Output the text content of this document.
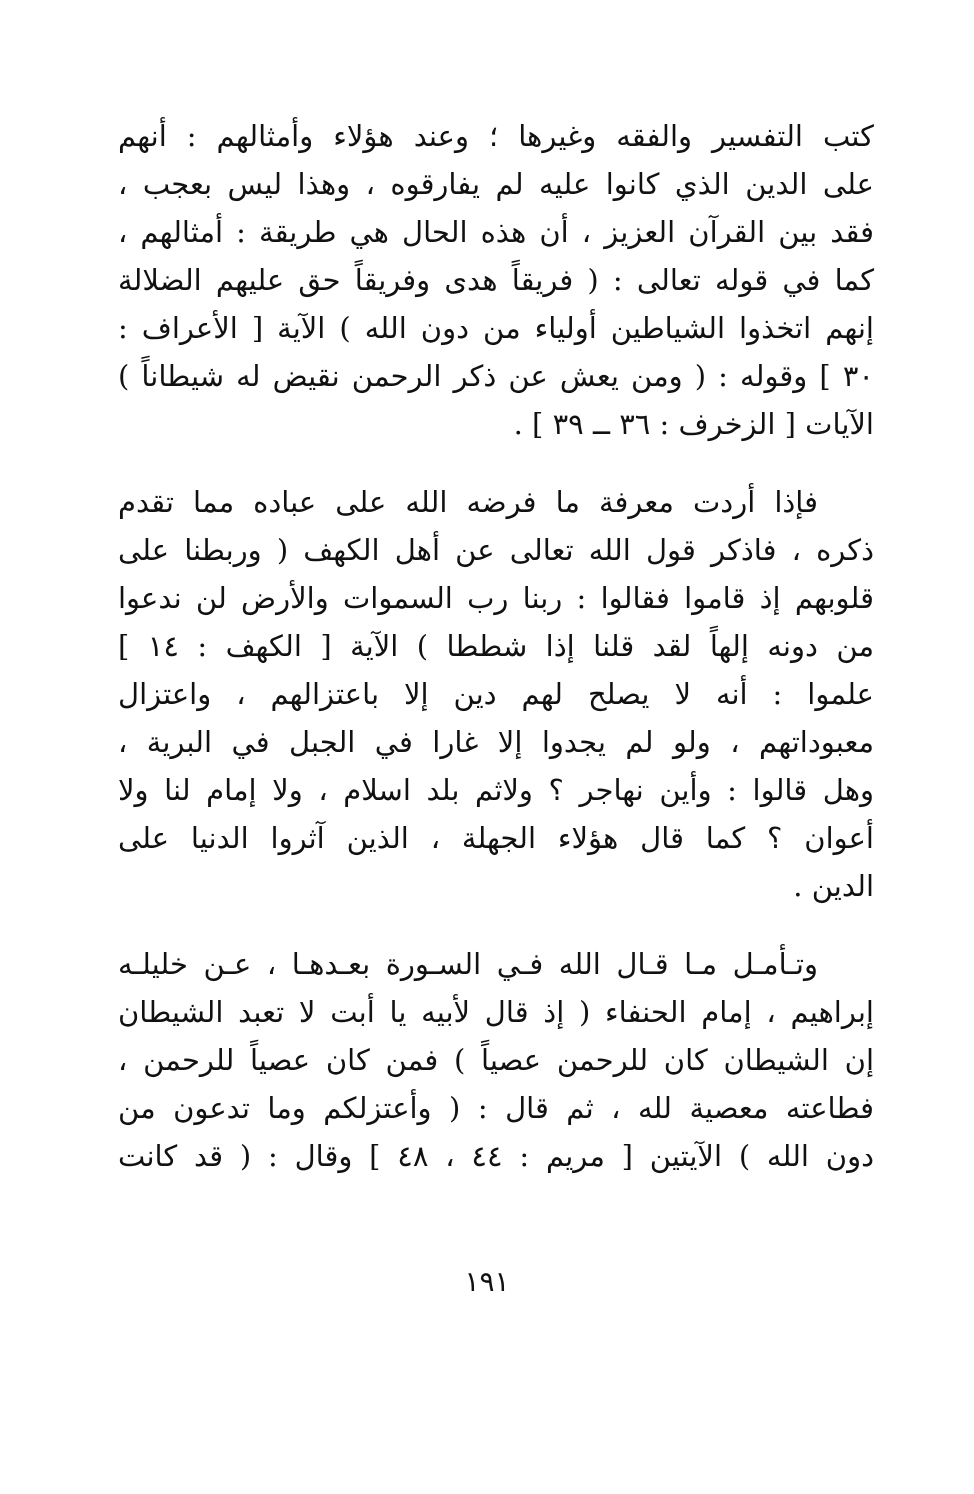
كتب التفسير والفقه وغيرها ؛ وعند هؤلاء وأمثالهم : أنهم
على الدين الذي كانوا عليه لم يفارقوه ، وهذا ليس بعجب ،
فقد بين القرآن العزيز ، أن هذه الحال هي طريقة : أمثالهم ،
كما في قوله تعالى : ( فريقاً هدى وفريقاً حق عليهم الضلالة
إنهم اتخذوا الشياطين أولياء من دون الله ) الآية [ الأعراف :
٣٠ ] وقوله : ( ومن يعش عن ذكر الرحمن نقيض له شيطاناً )
الآيات [ الزخرف : ٣٦ ــ ٣٩ ] .
فإذا أردت معرفة ما فرضه الله على عباده مما تقدم
ذكره ، فاذكر قول الله تعالى عن أهل الكهف ( وربطنا على
قلوبهم إذ قاموا فقالوا : ربنا رب السموات والأرض لن ندعوا
من دونه إلهاً لقد قلنا إذا شططا ) الآية [ الكهف : ١٤ ]
علموا : أنه لا يصلح لهم دين إلا باعتزالهم ، واعتزال
معبوداتهم ، ولو لم يجدوا إلا غارا في الجبل في البرية ،
وهل قالوا : وأين نهاجر ؟ ولاثم بلد اسلام ، ولا إمام لنا ولا
أعوان ؟ كما قال هؤلاء الجهلة ، الذين آثروا الدنيا على
الدين .
وتـأمـل مـا قـال الله فـي السـورة بعـدهـا ، عـن خليلـه
إبراهيم ، إمام الحنفاء ( إذ قال لأبيه يا أبت لا تعبد الشيطان
إن الشيطان كان للرحمن عصياً ) فمن كان عصياً للرحمن ،
فطاعته معصية لله ، ثم قال : ( وأعتزلكم وما تدعون من
دون الله ) الآيتين [ مريم : ٤٤ ، ٤٨ ] وقال : ( قد كانت
١٩١
